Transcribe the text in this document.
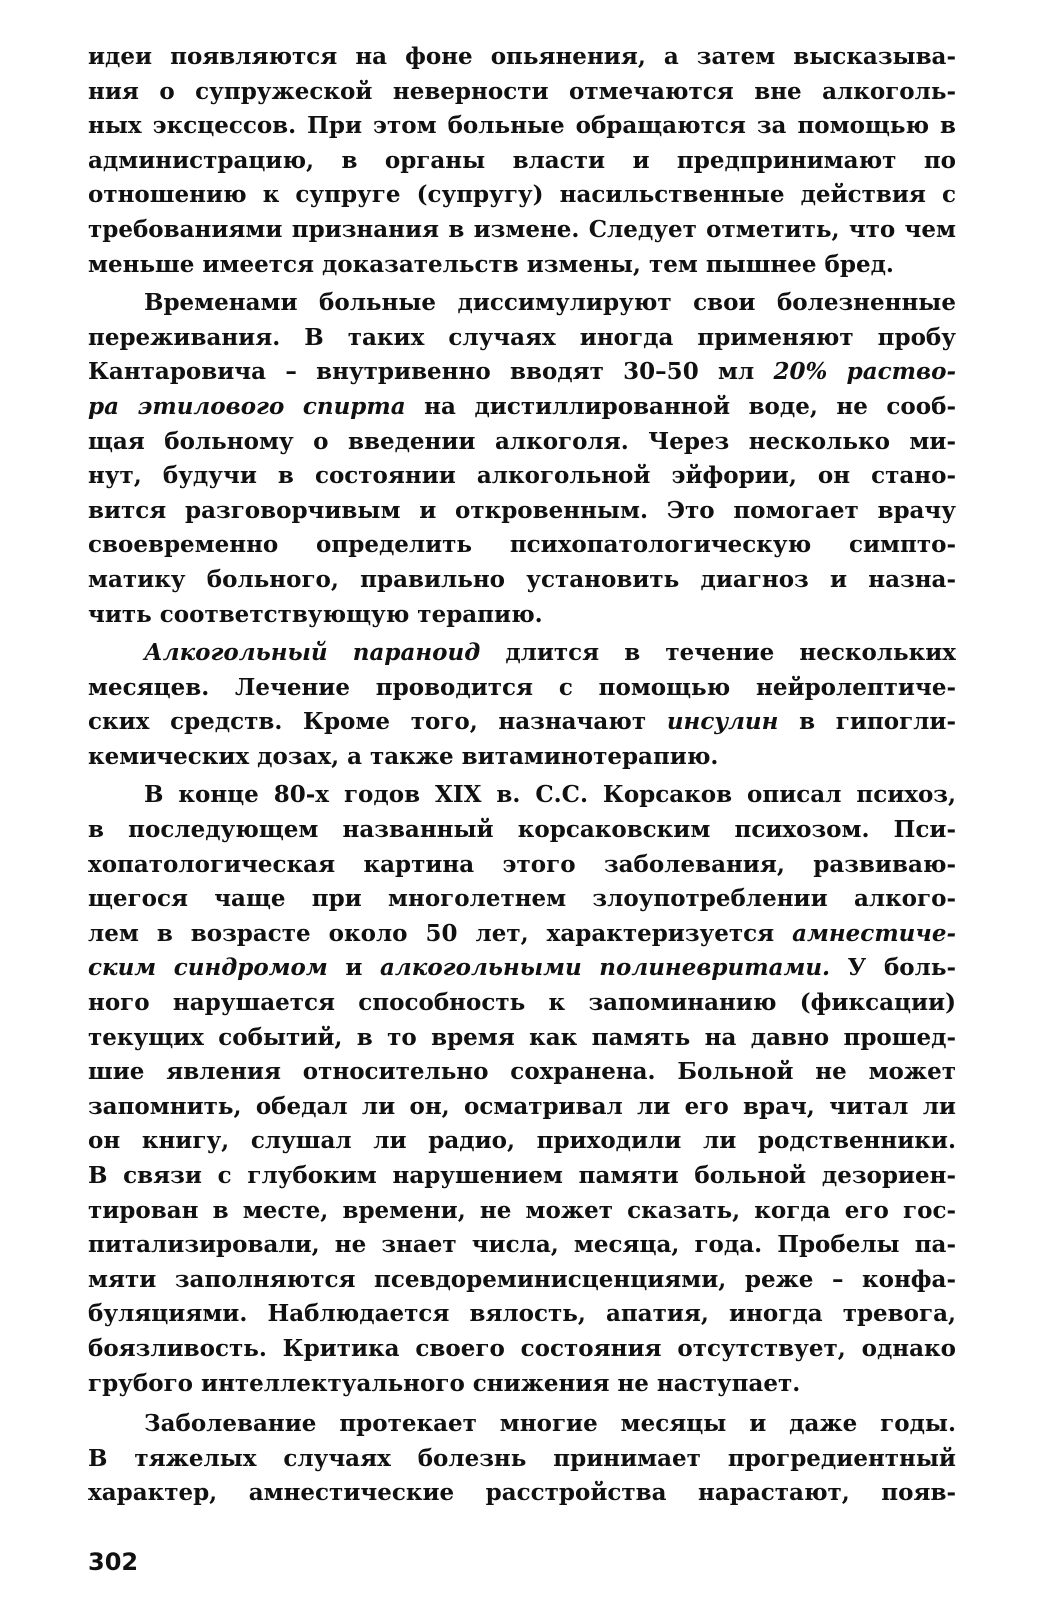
идеи появляются на фоне опьянения, а затем высказыва-
ния о супружеской неверности отмечаются вне алкоголь-
ных эксцессов. При этом больные обращаются за помощью в
администрацию, в органы власти и предпринимают по
отношению к супруге (супругу) насильственные действия с
требованиями признания в измене. Следует отметить, что чем
меньше имеется доказательств измены, тем пышнее бред.

Временами больные диссимулируют свои болезненные
переживания. В таких случаях иногда применяют пробу
Кантаровича – внутривенно вводят 30–50 мл 20% раство-
ра этилового спирта на дистиллированной воде, не сооб-
щая больному о введении алкоголя. Через несколько ми-
нут, будучи в состоянии алкогольной эйфории, он стано-
вится разговорчивым и откровенным. Это помогает врачу
своевременно определить психопатологическую симпто-
матику больного, правильно установить диагноз и назна-
чить соответствующую терапию.

Алкогольный параноид длится в течение нескольких
месяцев. Лечение проводится с помощью нейролептиче-
ских средств. Кроме того, назначают инсулин в гипогли-
кемических дозах, а также витаминотерапию.

В конце 80-х годов XIX в. С.С. Корсаков описал психоз,
в последующем названный корсаковским психозом. Пси-
хопатологическая картина этого заболевания, развиваю-
щегося чаще при многолетнем злоупотреблении алкого-
лем в возрасте около 50 лет, характеризуется амнестиче-
ским синдромом и алкогольными полиневритами. У боль-
ного нарушается способность к запоминанию (фиксации)
текущих событий, в то время как память на давно прошед-
шие явления относительно сохранена. Больной не может
запомнить, обедал ли он, осматривал ли его врач, читал ли
он книгу, слушал ли радио, приходили ли родственники.
В связи с глубоким нарушением памяти больной дезориен-
тирован в месте, времени, не может сказать, когда его гос-
питализировали, не знает числа, месяца, года. Пробелы па-
мяти заполняются псевдореминисценциями, реже – конфа-
буляциями. Наблюдается вялость, апатия, иногда тревога,
боязливость. Критика своего состояния отсутствует, однако
грубого интеллектуального снижения не наступает.

Заболевание протекает многие месяцы и даже годы.
В тяжелых случаях болезнь принимает прогредиентный
характер, амнестические расстройства нарастают, появ-

302
